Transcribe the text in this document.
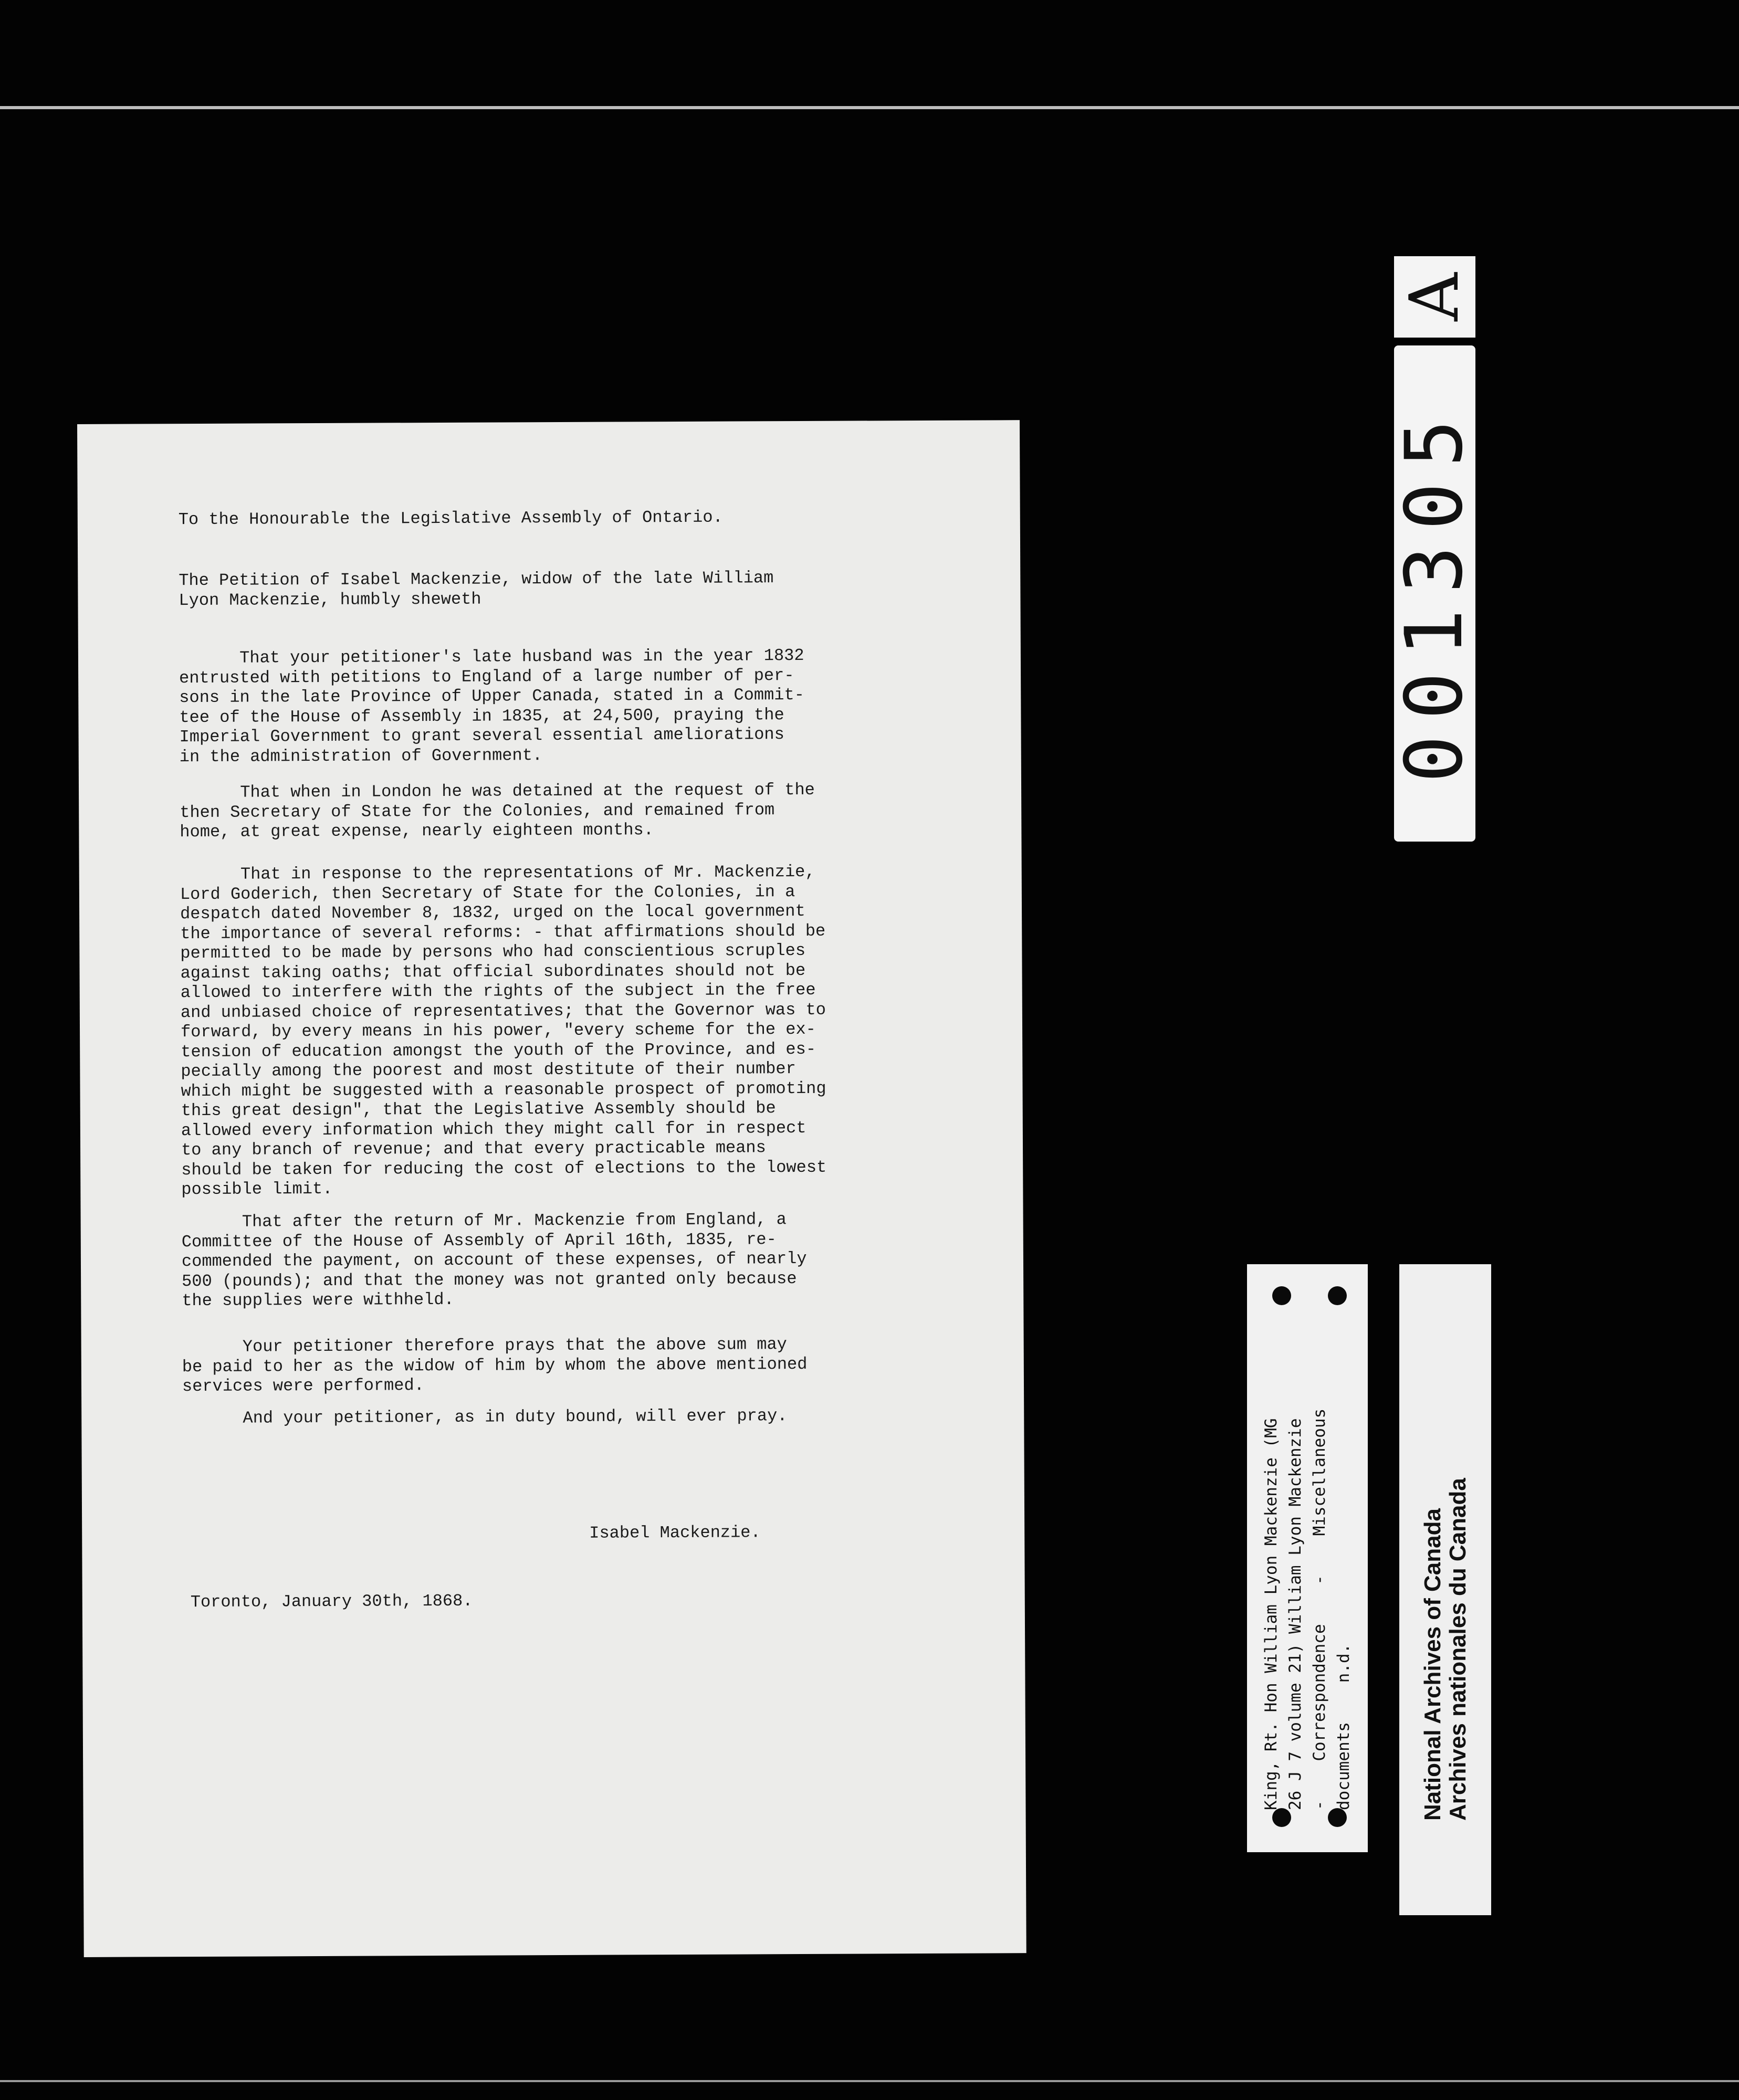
To the Honourable the Legislative Assembly of Ontario.

The Petition of Isabel Mackenzie, widow of the late William
Lyon Mackenzie, humbly sheweth

That your petitioner's late husband was in the year 1832
entrusted with petitions to England of a large number of per-
sons in the late Province of Upper Canada, stated in a Commit-
tee of the House of Assembly in 1835, at 24,500, praying the
Imperial Government to grant several essential ameliorations
in the administration of Government.

That when in London he was detained at the request of the
then Secretary of State for the Colonies, and remained from
home, at great expense, nearly eighteen months.

That in response to the representations of Mr. Mackenzie,
Lord Goderich, then Secretary of State for the Colonies, in a
despatch dated November 8, 1832, urged on the local government
the importance of several reforms: - that affirmations should be
permitted to be made by persons who had conscientious scruples
against taking oaths; that official subordinates should not be
allowed to interfere with the rights of the subject in the free
and unbiased choice of representatives; that the Governor was to
forward, by every means in his power, "every scheme for the ex-
tension of education amongst the youth of the Province, and es-
pecially among the poorest and most destitute of their number
which might be suggested with a reasonable prospect of promoting
this great design", that the Legislative Assembly should be
allowed every information which they might call for in respect
to any branch of revenue; and that every practicable means
should be taken for reducing the cost of elections to the lowest
possible limit.

That after the return of Mr. Mackenzie from England, a
Committee of the House of Assembly of April 16th, 1835, re-
commended the payment, on account of these expenses, of nearly
500 (pounds); and that the money was not granted only because
the supplies were withheld.

Your petitioner therefore prays that the above sum may
be paid to her as the widow of him by whom the above mentioned
services were performed.

And your petitioner, as in duty bound, will ever pray.

Isabel Mackenzie.

Toronto, January 30th, 1868.

A
001305
King, Rt. Hon William Lyon Mackenzie (MG
26 J 7 volume 21) William Lyon Mackenzie
-    Correspondence    -    Miscellaneous
documents    n.d.	National Archives of Canada Archives nationales du Canada
